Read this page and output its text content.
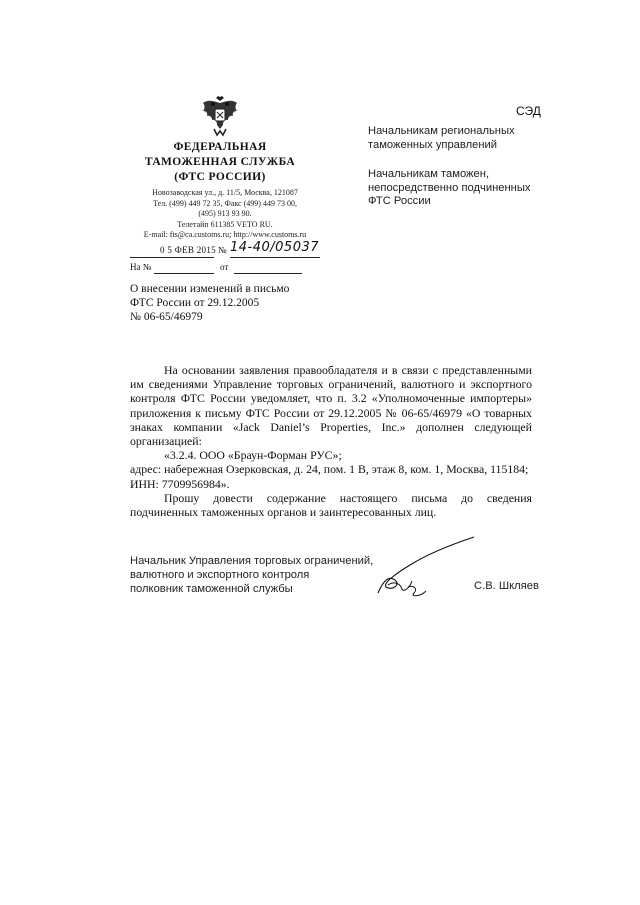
ФЕДЕРАЛЬНАЯ
ТАМОЖЕННАЯ СЛУЖБА
(ФТС РОССИИ)
Новозаводская ул., д. 11/5, Москва, 121087
Тел. (499) 449 72 35, Факс (499) 449 73 00,
(495) 913 93 90.
Телетайп 611385 VETO RU.
E-mail: fts@ca.customs.ru; http://www.customs.ru
0 5 ФЕВ 2015 № 14-40/05037
На №	от
О внесении изменений в письмо
ФТС России от 29.12.2005
№ 06-65/46979
СЭД
Начальникам региональных
таможенных управлений
Начальникам таможен,
непосредственно подчиненных
ФТС России

На основании заявления правообладателя и в связи с представленными им сведениями Управление торговых ограничений, валютного и экспортного контроля ФТС России уведомляет, что п. 3.2 «Уполномоченные импортеры» приложения к письму ФТС России от 29.12.2005 № 06-65/46979 «О товарных знаках компании «Jack Daniel’s Properties, Inc.» дополнен следующей организацией:

«3.2.4. ООО «Браун-Форман РУС»;

адрес: набережная Озерковская, д. 24, пом. 1 В, этаж 8, ком. 1, Москва, 115184;

ИНН: 7709956984».

Прошу довести содержание настоящего письма до сведения подчиненных таможенных органов и заинтересованных лиц.

Начальник Управления торговых ограничений,
валютного и экспортного контроля
полковник таможенной службы	С.В. Шкляев
